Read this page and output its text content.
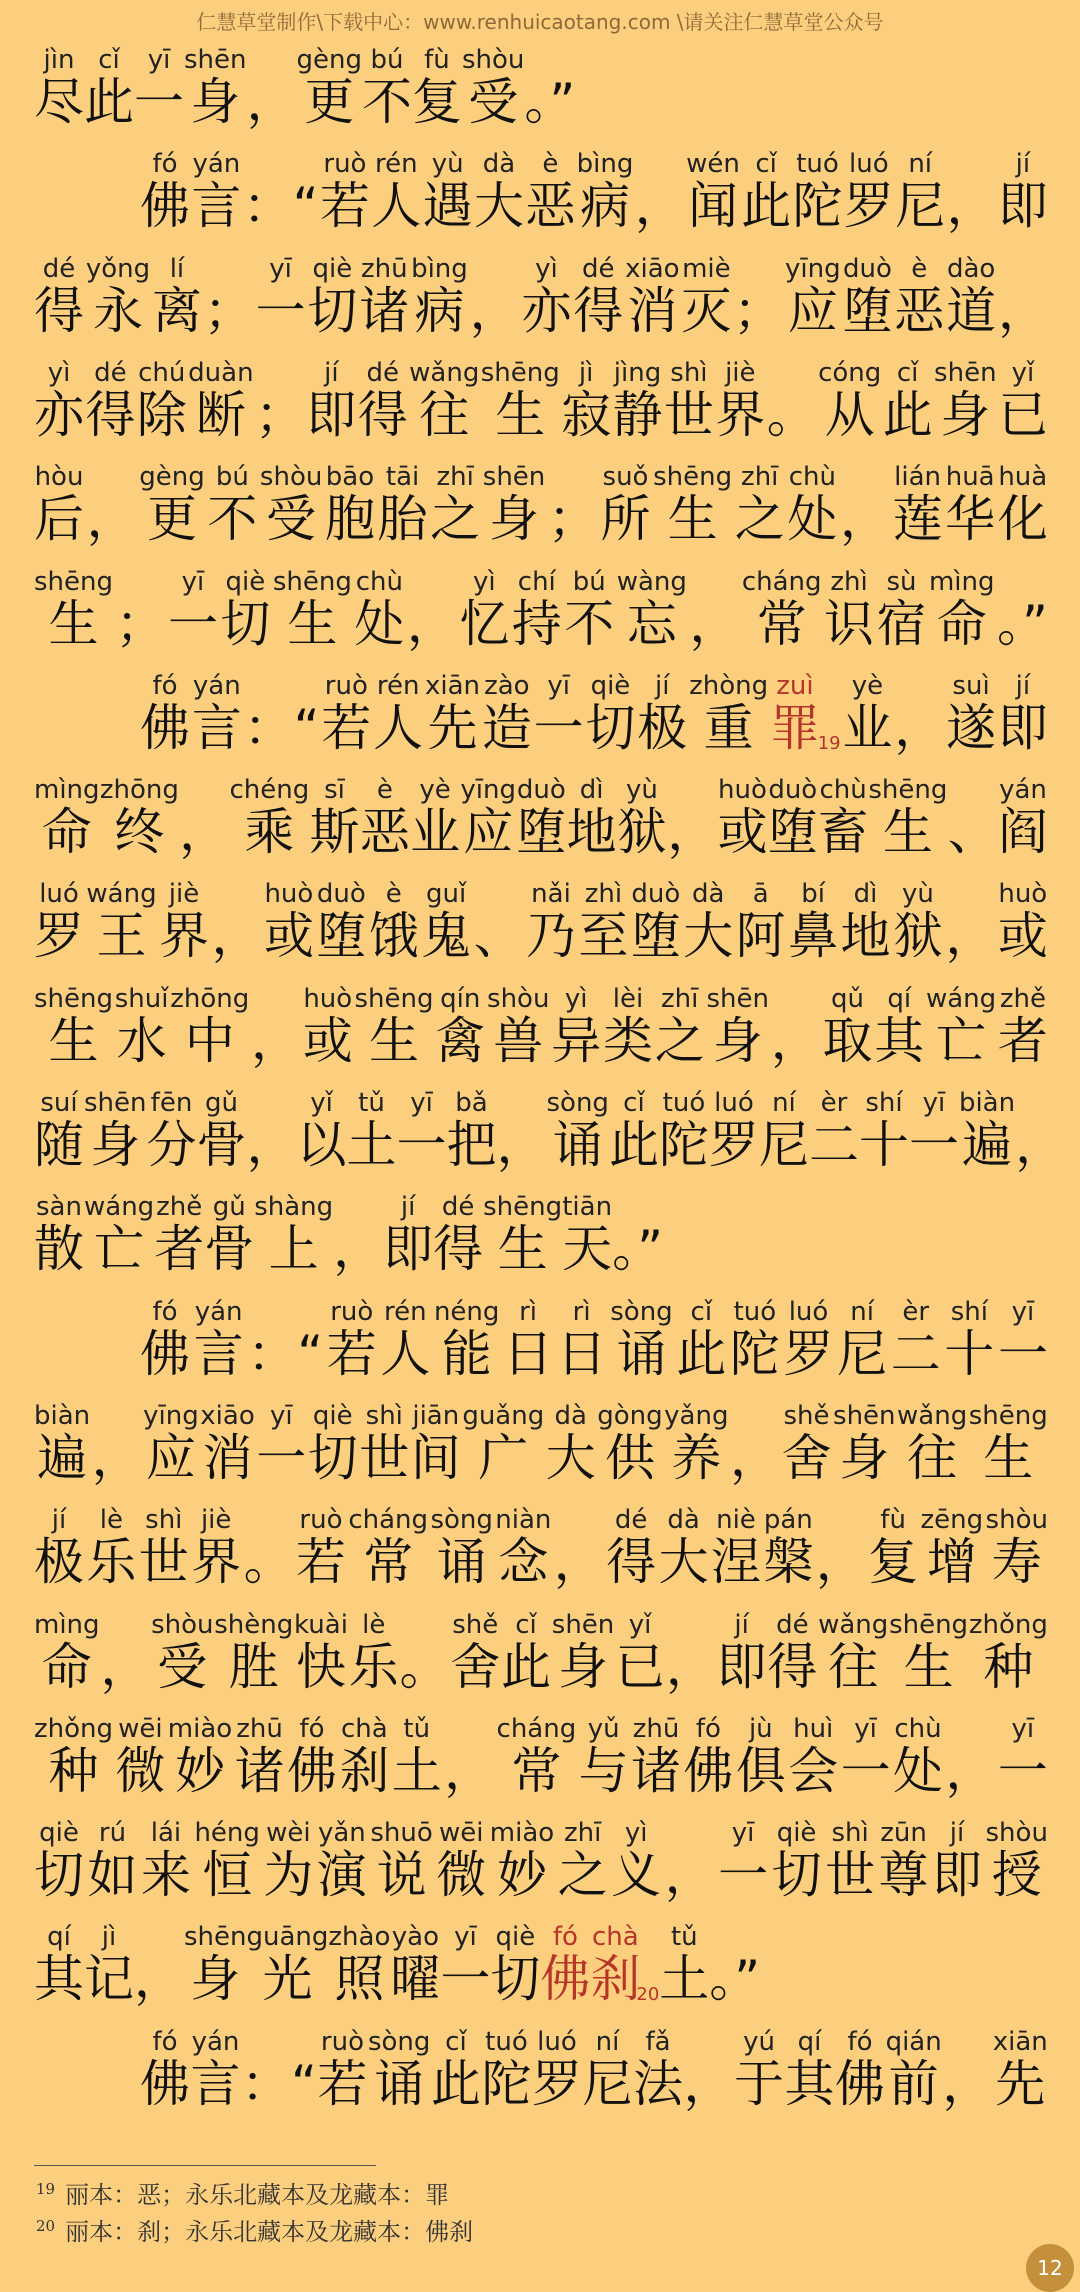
仁慧草堂制作\下载中心：www.renhuicaotang.com \请关注仁慧草堂公众号
尽jìn
此cǐ
一yī
身shēn
， 更gèng
不bú
复fù
受shòu
。”
佛fó
言yán
：“ 若ruò
人rén
遇yù
大dà
恶è
病bìng
， 闻wén
此cǐ
陀tuó
罗luó
尼ní
， 即jí
得dé
永yǒng
离lí
； 一yī
切qiè
诸zhū
病bìng
， 亦yì
得dé
消xiāo
灭miè
； 应yīng
堕duò
恶è
道dào
，
亦yì
得dé
除chú
断duàn
； 即jí
得dé
往wǎng
生shēng
寂jì
静jìng
世shì
界jiè
。 从cóng
此cǐ
身shēn
已yǐ
后hòu
， 更gèng
不bú
受shòu
胞bāo
胎tāi
之zhī
身shēn
； 所suǒ
生shēng
之zhī
处chù
， 莲lián
华huā
化huà
生shēng
； 一yī
切qiè
生shēng
处chù
， 忆yì
持chí
不bú
忘wàng
， 常cháng
识zhì
宿sù
命mìng
。”
佛fó
言yán
：“ 若ruò
人rén
先xiān
造zào
一yī
切qiè
极jí
重zhòng
罪zuì
19 业yè
， 遂suì
即jí
命mìng
终zhōng
， 乘chéng
斯sī
恶è
业yè
应yīng
堕duò
地dì
狱yù
， 或huò
堕duò
畜chù
生shēng
、 阎yán
罗luó
王wáng
界jiè
， 或huò
堕duò
饿è
鬼guǐ
、 乃nǎi
至zhì
堕duò
大dà
阿ā
鼻bí
地dì
狱yù
， 或huò
生shēng
水shuǐ
中zhōng
， 或huò
生shēng
禽qín
兽shòu
异yì
类lèi
之zhī
身shēn
， 取qǔ
其qí
亡wáng
者zhě
随suí
身shēn
分fēn
骨gǔ
， 以yǐ
土tǔ
一yī
把bǎ
， 诵sòng
此cǐ
陀tuó
罗luó
尼ní
二èr
十shí
一yī
遍biàn
，
散sàn
亡wáng
者zhě
骨gǔ
上shàng
， 即jí
得dé
生shēng
天tiān
。”
佛fó
言yán
：“ 若ruò
人rén
能néng
日rì
日rì
诵sòng
此cǐ
陀tuó
罗luó
尼ní
二èr
十shí
一yī
遍biàn
， 应yīng
消xiāo
一yī
切qiè
世shì
间jiān
广guǎng
大dà
供gòng
养yǎng
， 舍shě
身shēn
往wǎng
生shēng
极jí
乐lè
世shì
界jiè
。 若ruò
常cháng
诵sòng
念niàn
， 得dé
大dà
涅niè
槃pán
， 复fù
增zēng
寿shòu
命mìng
， 受shòu
胜shèng
快kuài
乐lè
。 舍shě
此cǐ
身shēn
已yǐ
， 即jí
得dé
往wǎng
生shēng
种zhǒng
种zhǒng
微wēi
妙miào
诸zhū
佛fó
刹chà
土tǔ
， 常cháng
与yǔ
诸zhū
佛fó
俱jù
会huì
一yī
处chù
， 一yī
切qiè
如rú
来lái
恒héng
为wèi
演yǎn
说shuō
微wēi
妙miào
之zhī
义yì
， 一yī
切qiè
世shì
尊zūn
即jí
授shòu
其qí
记jì
， 身shēn
光guāng
照zhào
曜yào
一yī
切qiè
佛fó
刹chà
20 土tǔ
。”
佛fó
言yán
：“ 若ruò
诵sòng
此cǐ
陀tuó
罗luó
尼ní
法fǎ
， 于yú
其qí
佛fó
前qián
， 先xiān
$^{19}$ 丽本：恶；永乐北藏本及龙藏本：罪
$^{20}$ 丽本：刹；永乐北藏本及龙藏本：佛刹
12
